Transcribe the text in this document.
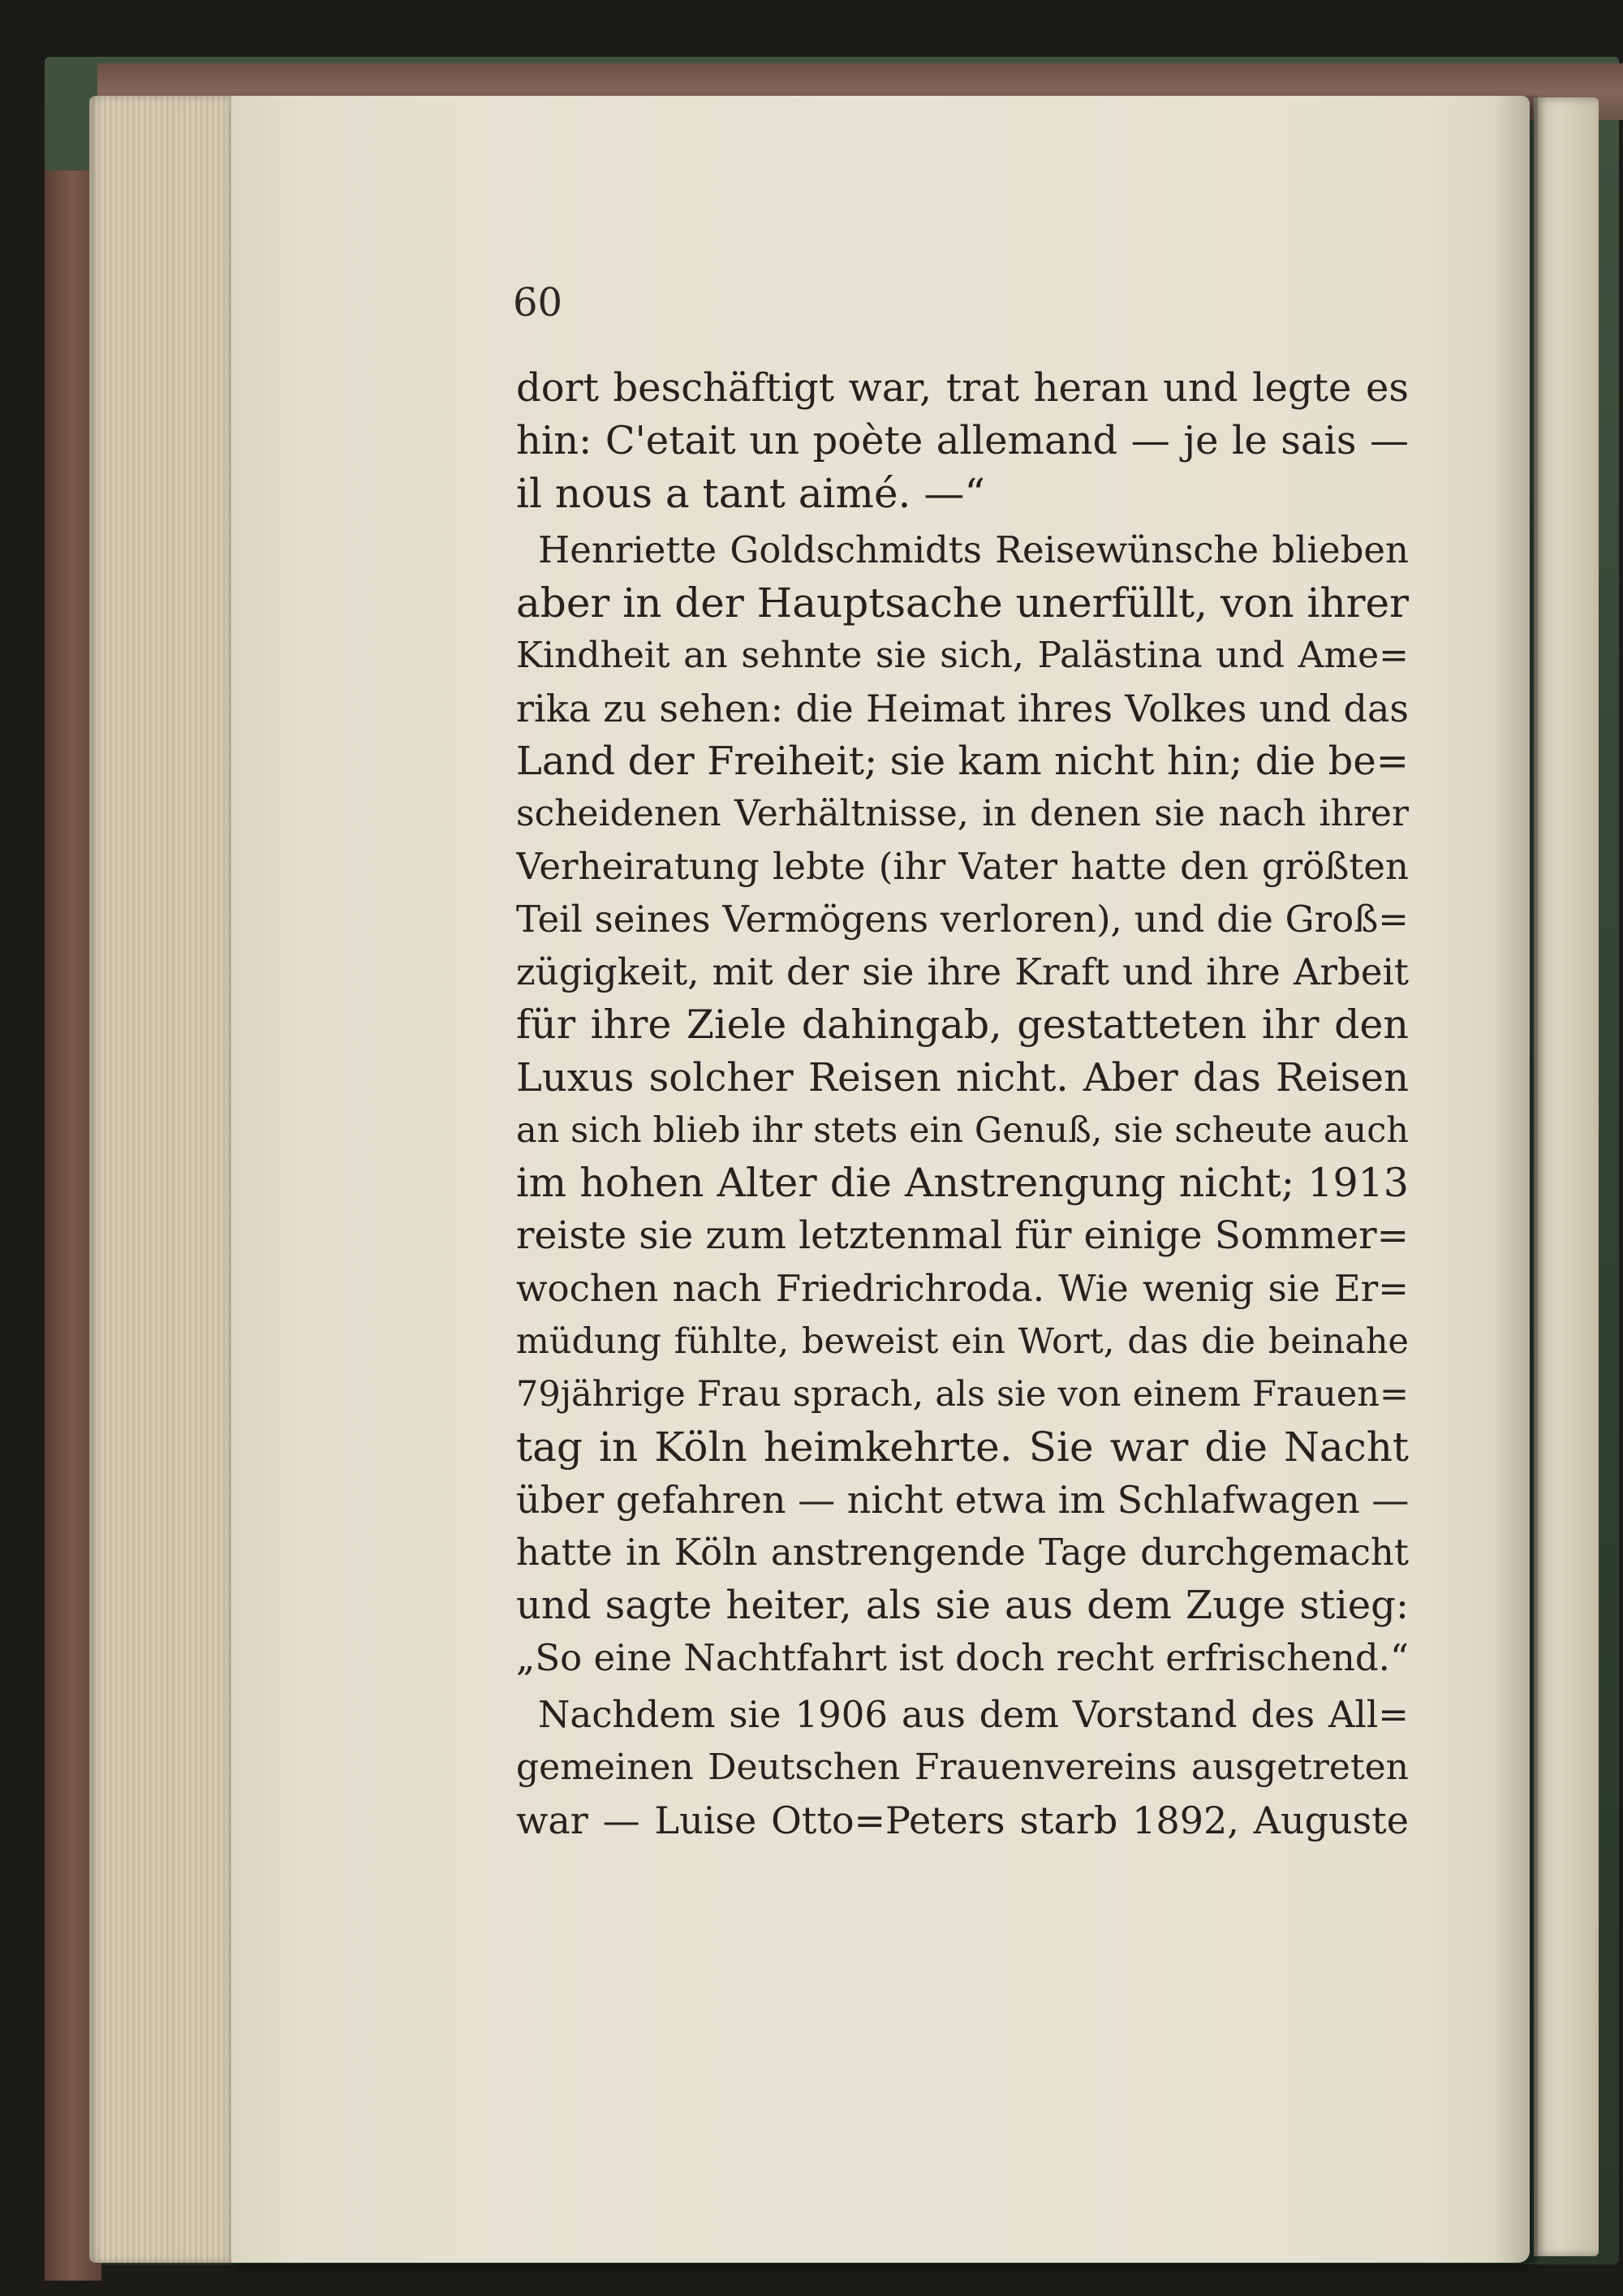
60
dort beschäftigt war, trat heran und legte es
hin: C'etait un poète allemand — je le sais —
il nous a tant aimé. —“
Henriette Goldschmidts Reisewünsche blieben
aber in der Hauptsache unerfüllt, von ihrer
Kindheit an sehnte sie sich, Palästina und Ame=
rika zu sehen: die Heimat ihres Volkes und das
Land der Freiheit; sie kam nicht hin; die be=
scheidenen Verhältnisse, in denen sie nach ihrer
Verheiratung lebte (ihr Vater hatte den größten
Teil seines Vermögens verloren), und die Groß=
zügigkeit, mit der sie ihre Kraft und ihre Arbeit
für ihre Ziele dahingab, gestatteten ihr den
Luxus solcher Reisen nicht. Aber das Reisen
an sich blieb ihr stets ein Genuß, sie scheute auch
im hohen Alter die Anstrengung nicht; 1913
reiste sie zum letztenmal für einige Sommer=
wochen nach Friedrichroda. Wie wenig sie Er=
müdung fühlte, beweist ein Wort, das die beinahe
79jährige Frau sprach, als sie von einem Frauen=
tag in Köln heimkehrte. Sie war die Nacht
über gefahren — nicht etwa im Schlafwagen —
hatte in Köln anstrengende Tage durchgemacht
und sagte heiter, als sie aus dem Zuge stieg:
„So eine Nachtfahrt ist doch recht erfrischend.“
Nachdem sie 1906 aus dem Vorstand des All=
gemeinen Deutschen Frauenvereins ausgetreten
war — Luise Otto=Peters starb 1892, Auguste
